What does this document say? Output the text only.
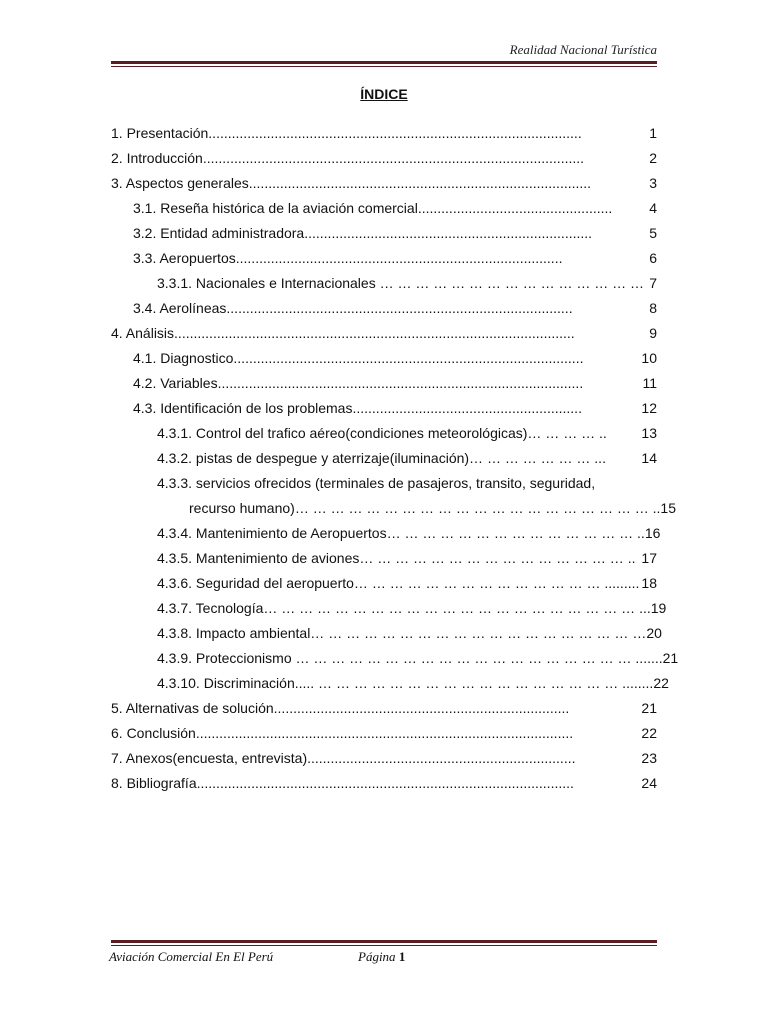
Realidad Nacional Turística
ÍNDICE
1. Presentación ................................................................................................	1
2. Introducción ..................................................................................................	2
3. Aspectos generales ........................................................................................	3
3.1. Reseña histórica de la aviación comercial ..................................................	4
3.2. Entidad administradora ..........................................................................	5
3.3. Aeropuertos ....................................................................................	6
3.3.1. Nacionales e Internacionales … … … … … … … … … … … … … … … 7
3.4. Aerolíneas .........................................................................................	8
4. Análisis .......................................................................................................	9
4.1. Diagnostico ..........................................................................................	10
4.2. Variables ..............................................................................................	11
4.3. Identificación de los problemas ...........................................................	12
4.3.1. Control del trafico aéreo(condiciones meteorológicas)… … … … .. 13
4.3.2. pistas de despegue y aterrizaje(iluminación)… … … … … … … ...	14
4.3.3. servicios ofrecidos (terminales de pasajeros, transito, seguridad,
recurso humano)… … … … … … … … … … … … … … … … … … … … .. 15
4.3.4. Mantenimiento de Aeropuertos… … … … … … … … … … … … … … .. 16
4.3.5. Mantenimiento de aviones… … … … … … … … … … … … … … … .. 17
4.3.6. Seguridad del aeropuerto… … … … … … … … … … … … … … ......... 18
4.3.7. Tecnología… … … … … … … … … … … … … … … … … … … … … ... 19
4.3.8. Impacto ambiental… … … … … … … … … … … … … … … … … … … 20
4.3.9. Proteccionismo … … … … … … … … … … … … … … … … … … … ....... 21
4.3.10. Discriminación..... … … … … … … … … … … … … … … … … … ........ 22
5. Alternativas de solución ............................................................................	21
6. Conclusión .................................................................................................	22
7. Anexos(encuesta, entrevista) .....................................................................	23
8. Bibliografía .................................................................................................	24
Aviación Comercial En El Perú	Página 1
